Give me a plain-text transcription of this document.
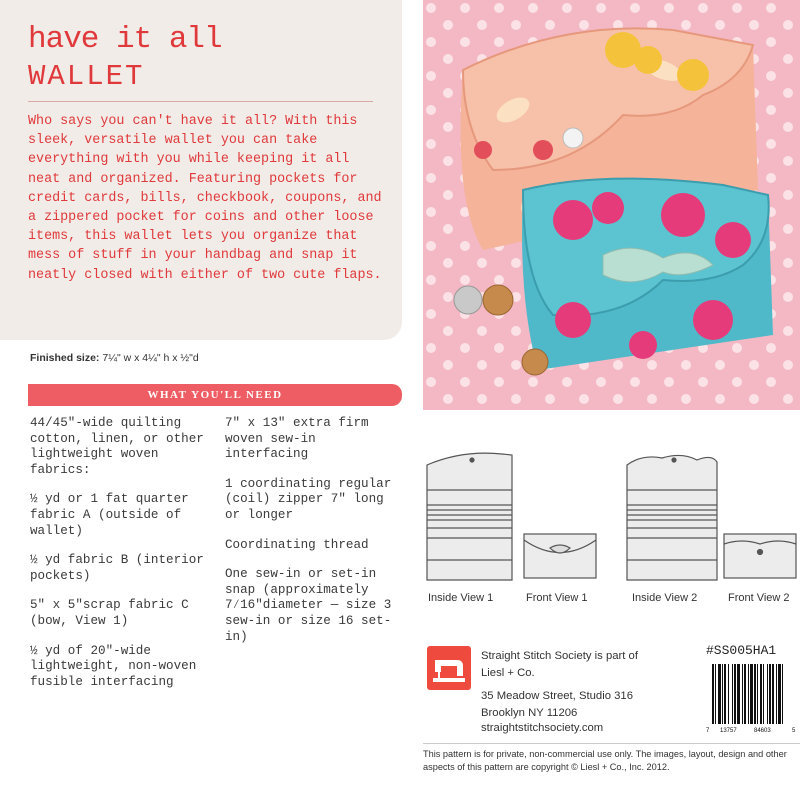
have it all
WALLET
Who says you can't have it all? With this sleek, versatile wallet you can take everything with you while keeping it all neat and organized. Featuring pockets for credit cards, bills, checkbook, coupons, and a zippered pocket for coins and other loose items, this wallet lets you organize that mess of stuff in your handbag and snap it neatly closed with either of two cute flaps.
Finished size: 7¼" w x 4¼" h x ½"d
WHAT YOU'LL NEED

44/45"-wide quilting cotton, linen, or other lightweight woven fabrics:

½ yd or 1 fat quarter fabric A (outside of wallet)

½ yd fabric B (interior pockets)

5" x 5"scrap fabric C (bow, View 1)

½ yd of 20"-wide lightweight, non-woven fusible interfacing

7" x 13" extra firm woven sew-in interfacing

1 coordinating regular (coil) zipper 7" long or longer

Coordinating thread

One sew-in or set-in snap (approximately 7⁄16"diameter — size 3 sew-in or size 16 set-in)

Inside View 1	Front View 1	Inside View 2	Front View 2
Straight Stitch Society is part of
Liesl + Co.
35 Meadow Street, Studio 316
Brooklyn NY 11206
straightstitchsociety.com
#SS005HA1
7 13757	84603	5
This pattern is for private, non-commercial use only. The images, layout, design and other aspects of this pattern are copyright © Liesl + Co., Inc. 2012.
